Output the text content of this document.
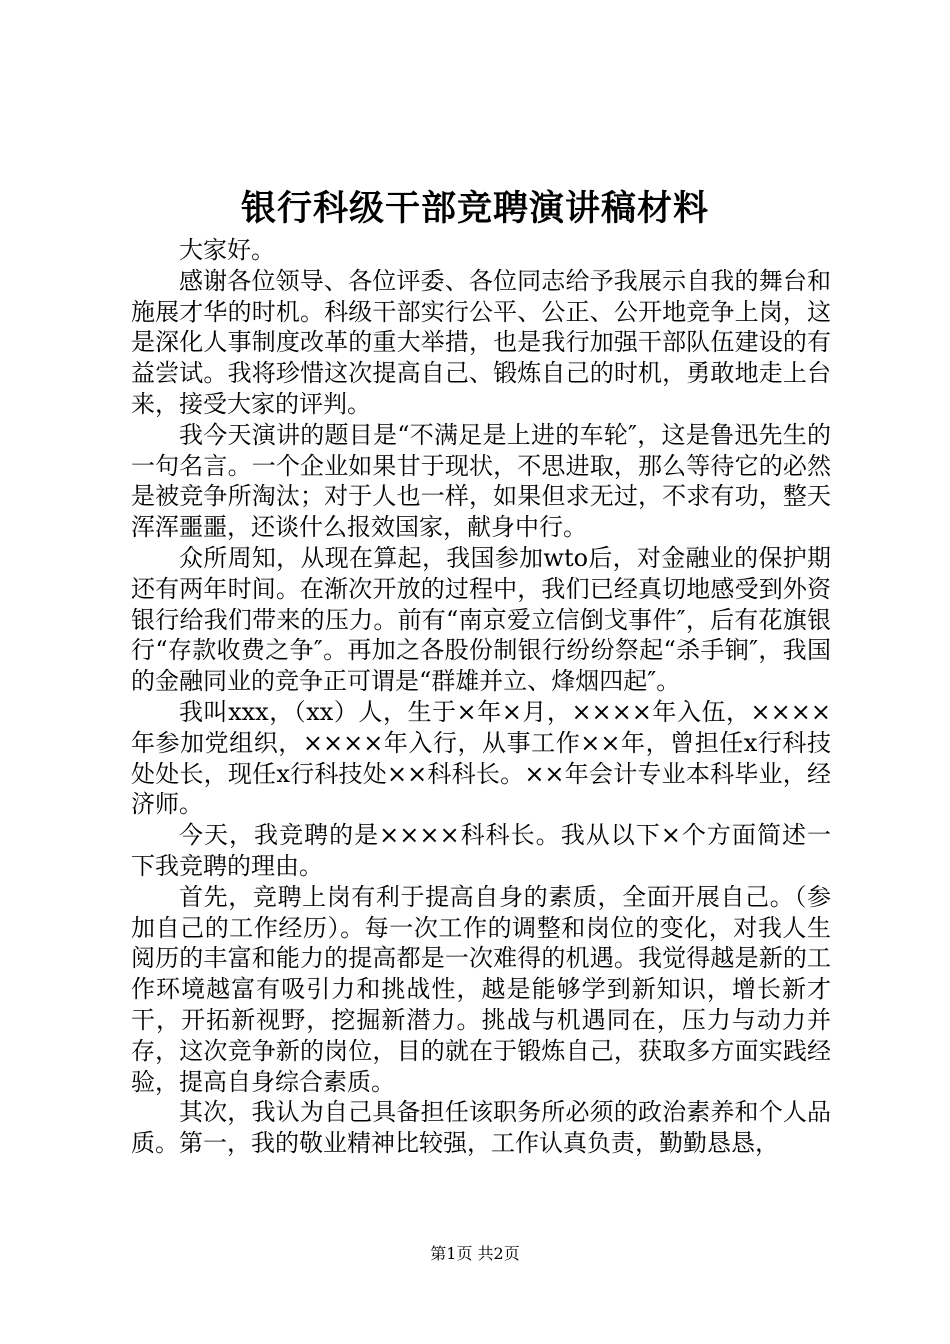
银行科级干部竞聘演讲稿材料

大家好。

感谢各位领导、各位评委、各位同志给予我展示自我的舞台和施展才华的时机。科级干部实行公平、公正、公开地竞争上岗，这是深化人事制度改革的重大举措，也是我行加强干部队伍建设的有益尝试。我将珍惜这次提高自己、锻炼自己的时机，勇敢地走上台来，接受大家的评判。

我今天演讲的题目是“不满足是上进的车轮″，这是鲁迅先生的一句名言。一个企业如果甘于现状，不思进取，那么等待它的必然是被竞争所淘汰；对于人也一样，如果但求无过，不求有功，整天浑浑噩噩，还谈什么报效国家，献身中行。

众所周知，从现在算起，我国参加wto后，对金融业的保护期还有两年时间。在渐次开放的过程中，我们已经真切地感受到外资银行给我们带来的压力。前有“南京爱立信倒戈事件″，后有花旗银行“存款收费之争″。再加之各股份制银行纷纷祭起“杀手锏″，我国的金融同业的竞争正可谓是“群雄并立、烽烟四起″。

我叫xxx，（xx）人，生于×年×月，××××年入伍，××××年参加党组织，××××年入行，从事工作××年，曾担任x行科技处处长，现任x行科技处××科科长。××年会计专业本科毕业，经济师。

今天，我竞聘的是××××科科长。我从以下×个方面简述一下我竞聘的理由。

首先，竞聘上岗有利于提高自身的素质，全面开展自己。（参加自己的工作经历）。每一次工作的调整和岗位的变化，对我人生阅历的丰富和能力的提高都是一次难得的机遇。我觉得越是新的工作环境越富有吸引力和挑战性，越是能够学到新知识，增长新才干，开拓新视野，挖掘新潜力。挑战与机遇同在，压力与动力并存，这次竞争新的岗位，目的就在于锻炼自己，获取多方面实践经验，提高自身综合素质。

其次，我认为自己具备担任该职务所必须的政治素养和个人品质。第一，我的敬业精神比较强，工作认真负责，勤勤恳恳，

第1页 共2页
